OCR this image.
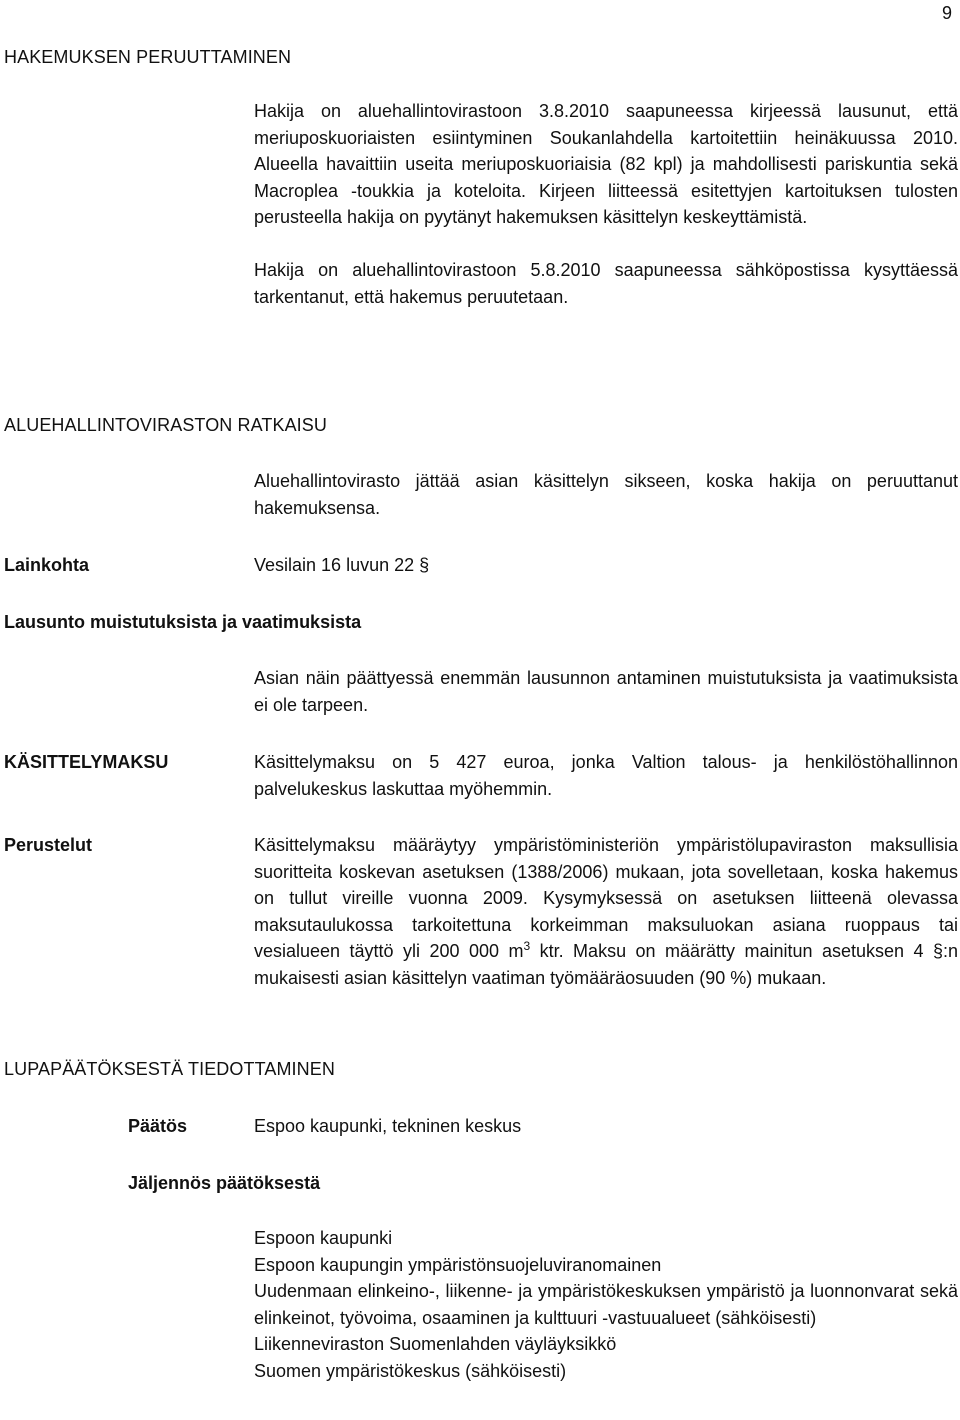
9
HAKEMUKSEN PERUUTTAMINEN

Hakija on aluehallintovirastoon 3.8.2010 saapuneessa kirjeessä lausunut, että meriuposkuoriaisten esiintyminen Soukanlahdella kartoitettiin heinäkuussa 2010. Alueella havaittiin useita meriuposkuoriaisia (82 kpl) ja mahdollisesti pariskuntia sekä Macroplea -toukkia ja koteloita. Kirjeen liitteessä esitettyjen kartoituksen tulosten perusteella hakija on pyytänyt hakemuksen käsittelyn keskeyttämistä.

Hakija on aluehallintovirastoon 5.8.2010 saapuneessa sähköpostissa kysyttäessä tarkentanut, että hakemus peruutetaan.

ALUEHALLINTOVIRASTON RATKAISU
Aluehallintovirasto jättää asian käsittelyn sikseen, koska hakija on peruuttanut hakemuksensa.
Lainkohta	Vesilain 16 luvun 22 §
Lausunto muistutuksista ja vaatimuksista
Asian näin päättyessä enemmän lausunnon antaminen muistutuksista ja vaatimuksista ei ole tarpeen.
KÄSITTELYMAKSU	Käsittelymaksu on 5 427 euroa, jonka Valtion talous- ja henkilöstöhallinnon palvelukeskus laskuttaa myöhemmin.
Perustelut	Käsittelymaksu määräytyy ympäristöministeriön ympäristölupaviraston maksullisia suoritteita koskevan asetuksen (1388/2006) mukaan, jota sovelletaan, koska hakemus on tullut vireille vuonna 2009. Kysymyksessä on asetuksen liitteenä olevassa maksutaulukossa tarkoitettuna korkeimman maksuluokan asiana ruoppaus tai vesialueen täyttö yli 200 000 $m^3$ ktr. Maksu on määrätty mainitun asetuksen 4 §:n mukaisesti asian käsittelyn vaatiman työmääräosuuden (90 %) mukaan.
LUPAPÄÄTÖKSESTÄ TIEDOTTAMINEN
Päätös	Espoo kaupunki, tekninen keskus
Jäljennös päätöksestä
Espoon kaupunki
Espoon kaupungin ympäristönsuojeluviranomainen
Uudenmaan elinkeino-, liikenne- ja ympäristökeskuksen ympäristö ja luonnonvarat sekä elinkeinot, työvoima, osaaminen ja kulttuuri -vastuualueet (sähköisesti)
Liikenneviraston Suomenlahden väyläyksikkö
Suomen ympäristökeskus (sähköisesti)
